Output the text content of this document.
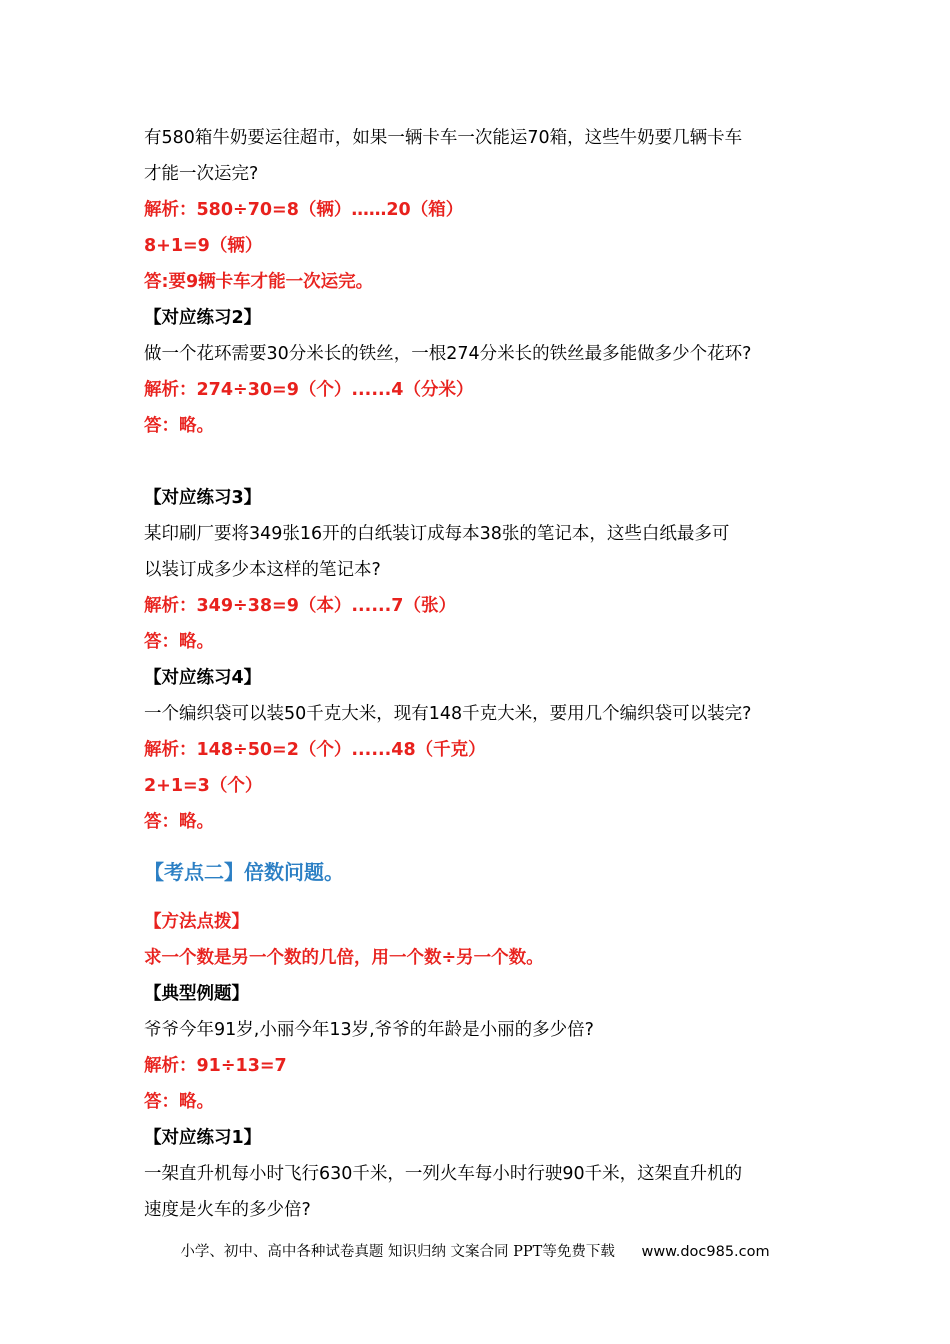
有580箱牛奶要运往超市，如果一辆卡车一次能运70箱，这些牛奶要几辆卡车
才能一次运完?
解析：580÷70=8（辆）……20（箱）
8+1=9（辆）
答:要9辆卡车才能一次运完。
【对应练习2】
做一个花环需要30分米长的铁丝，一根274分米长的铁丝最多能做多少个花环?
解析：274÷30=9（个）......4（分米）
答：略。
【对应练习3】
某印刷厂要将349张16开的白纸装订成每本38张的笔记本，这些白纸最多可
以装订成多少本这样的笔记本?
解析：349÷38=9（本）......7（张）
答：略。
【对应练习4】
一个编织袋可以装50千克大米，现有148千克大米，要用几个编织袋可以装完?
解析：148÷50=2（个）......48（千克）
2+1=3（个）
答：略。
【考点二】倍数问题。
【方法点拨】
求一个数是另一个数的几倍，用一个数÷另一个数。
【典型例题】
爷爷今年91岁,小丽今年13岁,爷爷的年龄是小丽的多少倍?
解析：91÷13=7
答：略。
【对应练习1】
一架直升机每小时飞行630千米，一列火车每小时行驶90千米，这架直升机的
速度是火车的多少倍?
小学、初中、高中各种试卷真题 知识归纳 文案合同 PPT等免费下载 www.doc985.com
